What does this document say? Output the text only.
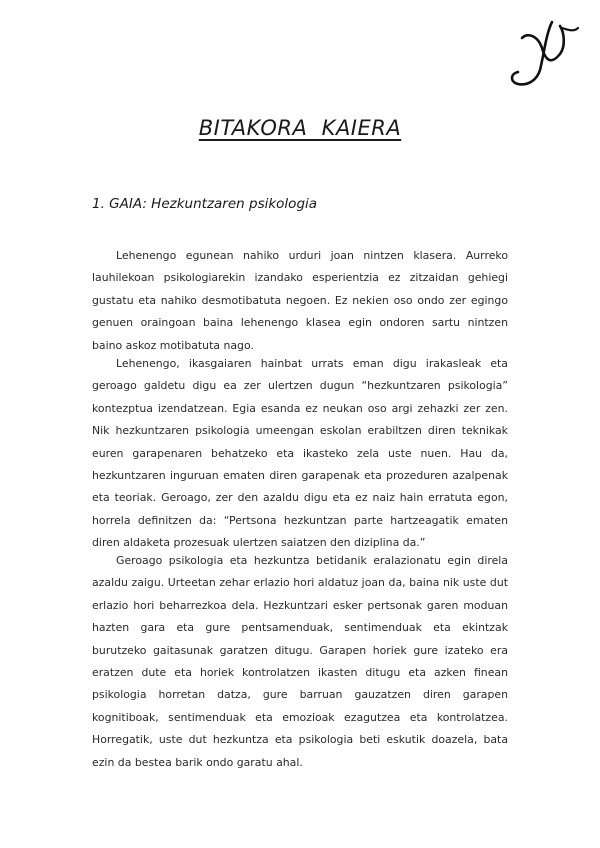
BITAKORA  KAIERA
1. GAIA: Hezkuntzaren psikologia

Lehenengo egunean nahiko urduri joan nintzen klasera. Aurreko lauhilekoan psikologiarekin izandako esperientzia ez zitzaidan gehiegi gustatu eta nahiko desmotibatuta negoen. Ez nekien oso ondo zer egingo genuen oraingoan baina lehenengo klasea egin ondoren sartu nintzen baino askoz motibatuta nago.

Lehenengo, ikasgaiaren hainbat urrats eman digu irakasleak eta geroago galdetu digu ea zer ulertzen dugun “hezkuntzaren psikologia” kontezptua izendatzean. Egia esanda ez neukan oso argi zehazki zer zen. Nik hezkuntzaren psikologia umeengan eskolan erabiltzen diren teknikak euren garapenaren behatzeko eta ikasteko zela uste nuen. Hau da, hezkuntzaren inguruan ematen diren garapenak eta prozeduren azalpenak eta teoriak. Geroago, zer den azaldu digu eta ez naiz hain erratuta egon, horrela definitzen da: “Pertsona hezkuntzan parte hartzeagatik ematen diren aldaketa prozesuak ulertzen saiatzen den diziplina da.”

Geroago psikologia eta hezkuntza betidanik eralazionatu egin direla azaldu zaigu. Urteetan zehar erlazio hori aldatuz joan da, baina nik uste dut erlazio hori beharrezkoa dela. Hezkuntzari esker pertsonak garen moduan hazten gara eta gure pentsamenduak, sentimenduak eta ekintzak burutzeko gaitasunak garatzen ditugu. Garapen horiek gure izateko era eratzen dute eta horiek kontrolatzen ikasten ditugu eta azken finean psikologia horretan datza, gure barruan gauzatzen diren garapen kognitiboak, sentimenduak eta emozioak ezagutzea eta kontrolatzea. Horregatik, uste dut hezkuntza eta psikologia beti eskutik doazela, bata ezin da bestea barik ondo garatu ahal.
